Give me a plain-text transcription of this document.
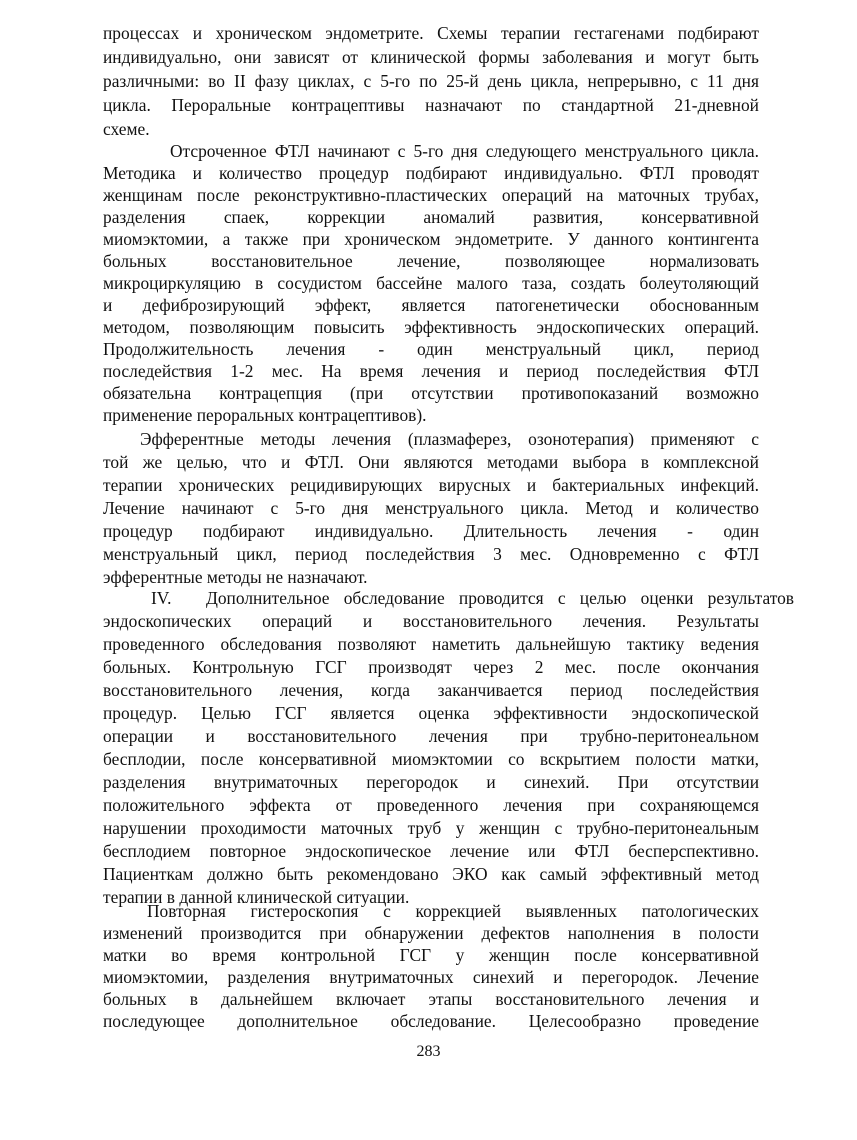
процессах и хроническом эндометрите. Схемы терапии гестагенами подбирают
индивидуально, они зависят от клинической формы заболевания и могут быть
различными: во II фазу циклах, с 5-го по 25-й день цикла, непрерывно, с 11 дня
цикла. Пероральные контрацептивы назначают по стандартной 21-дневной
схеме.
Отсроченное ФТЛ начинают с 5-го дня следующего менструального цикла.
Методика и количество процедур подбирают индивидуально. ФТЛ проводят
женщинам после реконструктивно-пластических операций на маточных трубах,
разделения спаек, коррекции аномалий развития, консервативной
миомэктомии, а также при хроническом эндометрите. У данного контингента
больных восстановительное лечение, позволяющее нормализовать
микроциркуляцию в сосудистом бассейне малого таза, создать болеутоляющий
и дефиброзирующий эффект, является патогенетически обоснованным
методом, позволяющим повысить эффективность эндоскопических операций.
Продолжительность лечения - один менструальный цикл, период
последействия 1-2 мес. На время лечения и период последействия ФТЛ
обязательна контрацепция (при отсутствии противопоказаний возможно
применение пероральных контрацептивов).
Эфферентные методы лечения (плазмаферез, озонотерапия) применяют с
той же целью, что и ФТЛ. Они являются методами выбора в комплексной
терапии хронических рецидивирующих вирусных и бактериальных инфекций.
Лечение начинают с 5-го дня менструального цикла. Метод и количество
процедур подбирают индивидуально. Длительность лечения - один
менструальный цикл, период последействия 3 мес. Одновременно с ФТЛ
эфферентные методы не назначают.
IV. Дополнительное обследование проводится с целью оценки результатов
эндоскопических операций и восстановительного лечения. Результаты
проведенного обследования позволяют наметить дальнейшую тактику ведения
больных. Контрольную ГСГ производят через 2 мес. после окончания
восстановительного лечения, когда заканчивается период последействия
процедур. Целью ГСГ является оценка эффективности эндоскопической
операции и восстановительного лечения при трубно-перитонеальном
бесплодии, после консервативной миомэктомии со вскрытием полости матки,
разделения внутриматочных перегородок и синехий. При отсутствии
положительного эффекта от проведенного лечения при сохраняющемся
нарушении проходимости маточных труб у женщин с трубно-перитонеальным
бесплодием повторное эндоскопическое лечение или ФТЛ бесперспективно.
Пациенткам должно быть рекомендовано ЭКО как самый эффективный метод
терапии в данной клинической ситуации.
Повторная гистероскопия с коррекцией выявленных патологических
изменений производится при обнаружении дефектов наполнения в полости
матки во время контрольной ГСГ у женщин после консервативной
миомэктомии, разделения внутриматочных синехий и перегородок. Лечение
больных в дальнейшем включает этапы восстановительного лечения и
последующее дополнительное обследование. Целесообразно проведение
283
